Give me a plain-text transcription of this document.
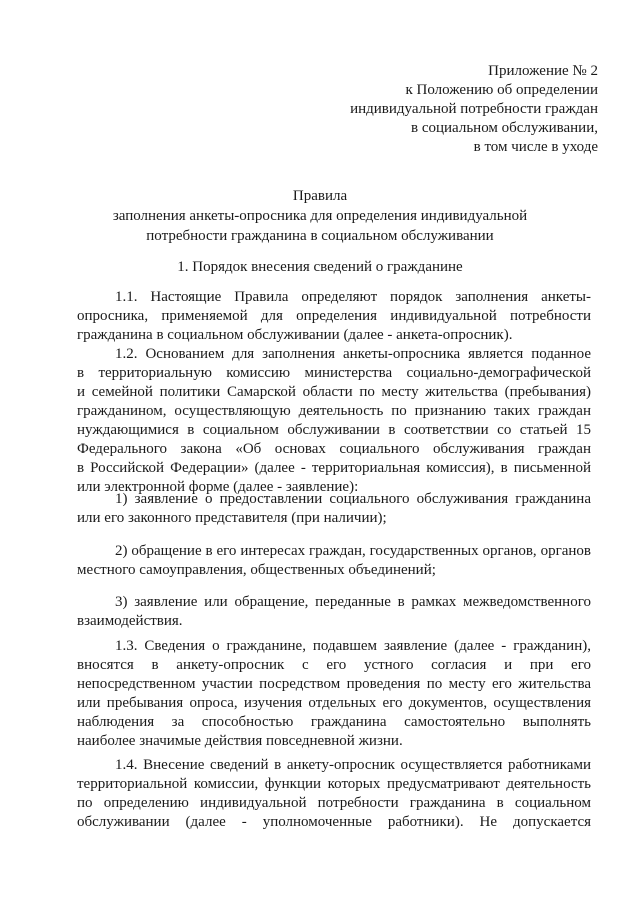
Приложение № 2
к Положению об определении
индивидуальной потребности граждан
в социальном обслуживании,
в том числе в уходе
Правила
заполнения анкеты-опросника для определения индивидуальной
потребности гражданина в социальном обслуживании
1. Порядок внесения сведений о гражданине
1.1. Настоящие Правила определяют порядок заполнения анкеты-
опросника, применяемой для определения индивидуальной потребности
гражданина в социальном обслуживании (далее - анкета-опросник).
1.2. Основанием для заполнения анкеты-опросника является поданное
в территориальную комиссию министерства социально-демографической
и семейной политики Самарской области по месту жительства (пребывания)
гражданином, осуществляющую деятельность по признанию таких граждан
нуждающимися в социальном обслуживании в соответствии со статьей 15
Федерального закона «Об основах социального обслуживания граждан
в Российской Федерации» (далее - территориальная комиссия), в письменной
или электронной форме (далее - заявление):
1) заявление о предоставлении социального обслуживания гражданина
или его законного представителя (при наличии);
2) обращение в его интересах граждан, государственных органов, органов
местного самоуправления, общественных объединений;
3) заявление или обращение, переданные в рамках межведомственного
взаимодействия.
1.3. Сведения о гражданине, подавшем заявление (далее - гражданин),
вносятся в анкету-опросник с его устного согласия и при его
непосредственном участии посредством проведения по месту его жительства
или пребывания опроса, изучения отдельных его документов, осуществления
наблюдения за способностью гражданина самостоятельно выполнять
наиболее значимые действия повседневной жизни.
1.4. Внесение сведений в анкету-опросник осуществляется работниками
территориальной комиссии, функции которых предусматривают деятельность
по определению индивидуальной потребности гражданина в социальном
обслуживании (далее - уполномоченные работники). Не допускается
